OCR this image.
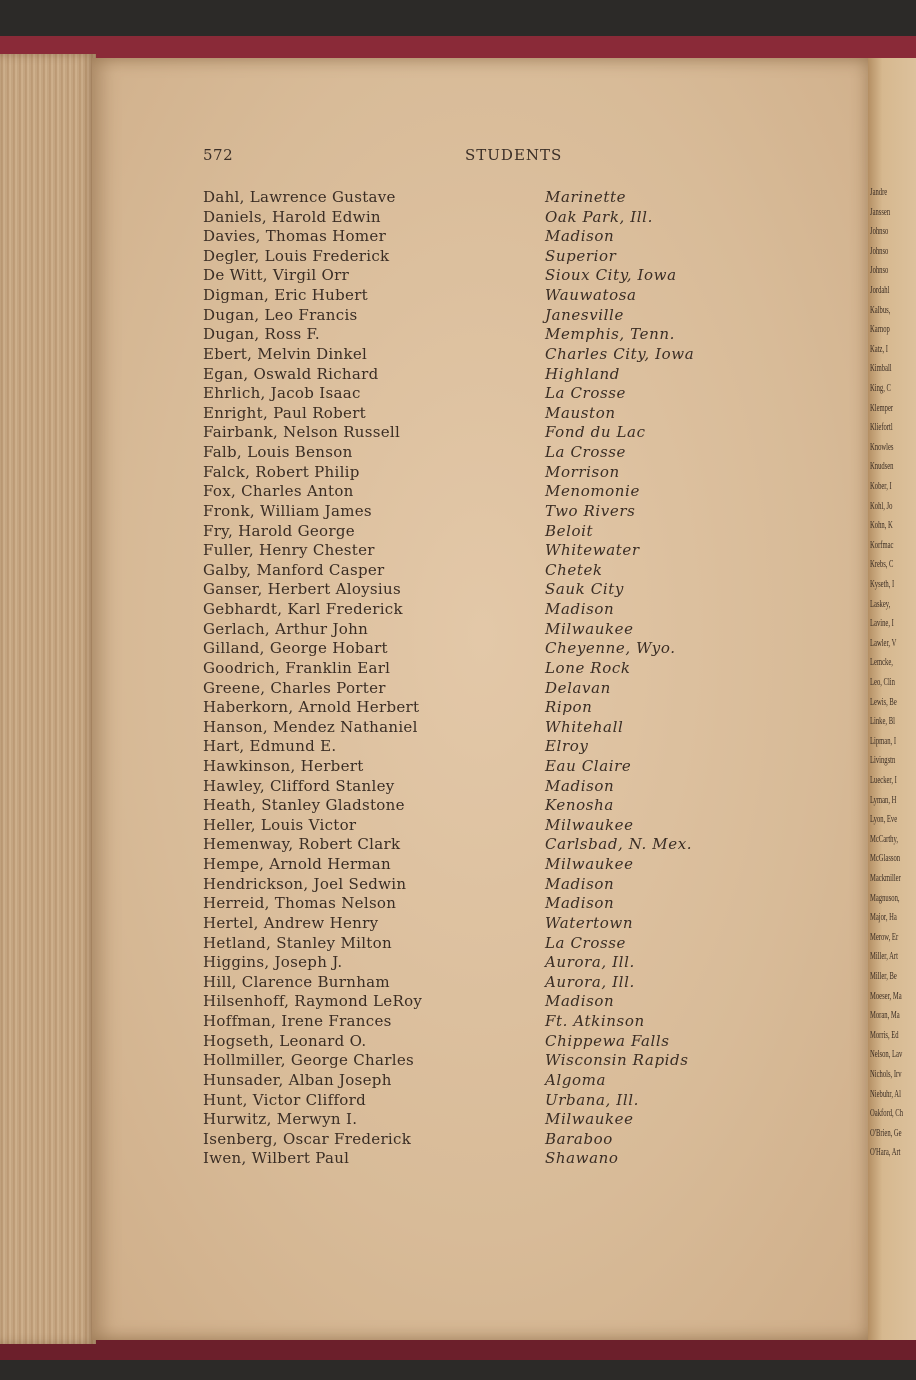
Jandre
Janssen
Johnso
Johnso
Johnso
Jordahl
Kalbus,
Karnop
Katz, I
Kimball
King, C
Klemper
Kliefortl
Knowles
Knudsen
Kober, I
Kohl, Jo
Kohn, K
Korfmac
Krebs, C
Kyseth, I
Laskey,
Lavine, I
Lawler, V
Lemcke,
Leo, Clin
Lewis, Be
Linke, Bl
Lipman, I
Livingstn
Luecker, I
Lyman, H
Lyon, Eve
McCarthy,
McGlasson
Mackmiller
Magnuson,
Major, Ha
Merow, Er
Miller, Art
Miller, Be
Moeser, Ma
Moran, Ma
Morris, Ed
Nelson, Lav
Nichols, Irv
Niebuhr, Al
Oakford, Ch
O'Brien, Ge
O'Hara, Art
572	STUDENTS
Dahl, Lawrence Gustave	Marinette
Daniels, Harold Edwin	Oak Park, Ill.
Davies, Thomas Homer	Madison
Degler, Louis Frederick	Superior
De Witt, Virgil Orr	Sioux City, Iowa
Digman, Eric Hubert	Wauwatosa
Dugan, Leo Francis	Janesville
Dugan, Ross F.	Memphis, Tenn.
Ebert, Melvin Dinkel	Charles City, Iowa
Egan, Oswald Richard	Highland
Ehrlich, Jacob Isaac	La Crosse
Enright, Paul Robert	Mauston
Fairbank, Nelson Russell	Fond du Lac
Falb, Louis Benson	La Crosse
Falck, Robert Philip	Morrison
Fox, Charles Anton	Menomonie
Fronk, William James	Two Rivers
Fry, Harold George	Beloit
Fuller, Henry Chester	Whitewater
Galby, Manford Casper	Chetek
Ganser, Herbert Aloysius	Sauk City
Gebhardt, Karl Frederick	Madison
Gerlach, Arthur John	Milwaukee
Gilland, George Hobart	Cheyenne, Wyo.
Goodrich, Franklin Earl	Lone Rock
Greene, Charles Porter	Delavan
Haberkorn, Arnold Herbert	Ripon
Hanson, Mendez Nathaniel	Whitehall
Hart, Edmund E.	Elroy
Hawkinson, Herbert	Eau Claire
Hawley, Clifford Stanley	Madison
Heath, Stanley Gladstone	Kenosha
Heller, Louis Victor	Milwaukee
Hemenway, Robert Clark	Carlsbad, N. Mex.
Hempe, Arnold Herman	Milwaukee
Hendrickson, Joel Sedwin	Madison
Herreid, Thomas Nelson	Madison
Hertel, Andrew Henry	Watertown
Hetland, Stanley Milton	La Crosse
Higgins, Joseph J.	Aurora, Ill.
Hill, Clarence Burnham	Aurora, Ill.
Hilsenhoff, Raymond LeRoy	Madison
Hoffman, Irene Frances	Ft. Atkinson
Hogseth, Leonard O.	Chippewa Falls
Hollmiller, George Charles	Wisconsin Rapids
Hunsader, Alban Joseph	Algoma
Hunt, Victor Clifford	Urbana, Ill.
Hurwitz, Merwyn I.	Milwaukee
Isenberg, Oscar Frederick	Baraboo
Iwen, Wilbert Paul	Shawano
